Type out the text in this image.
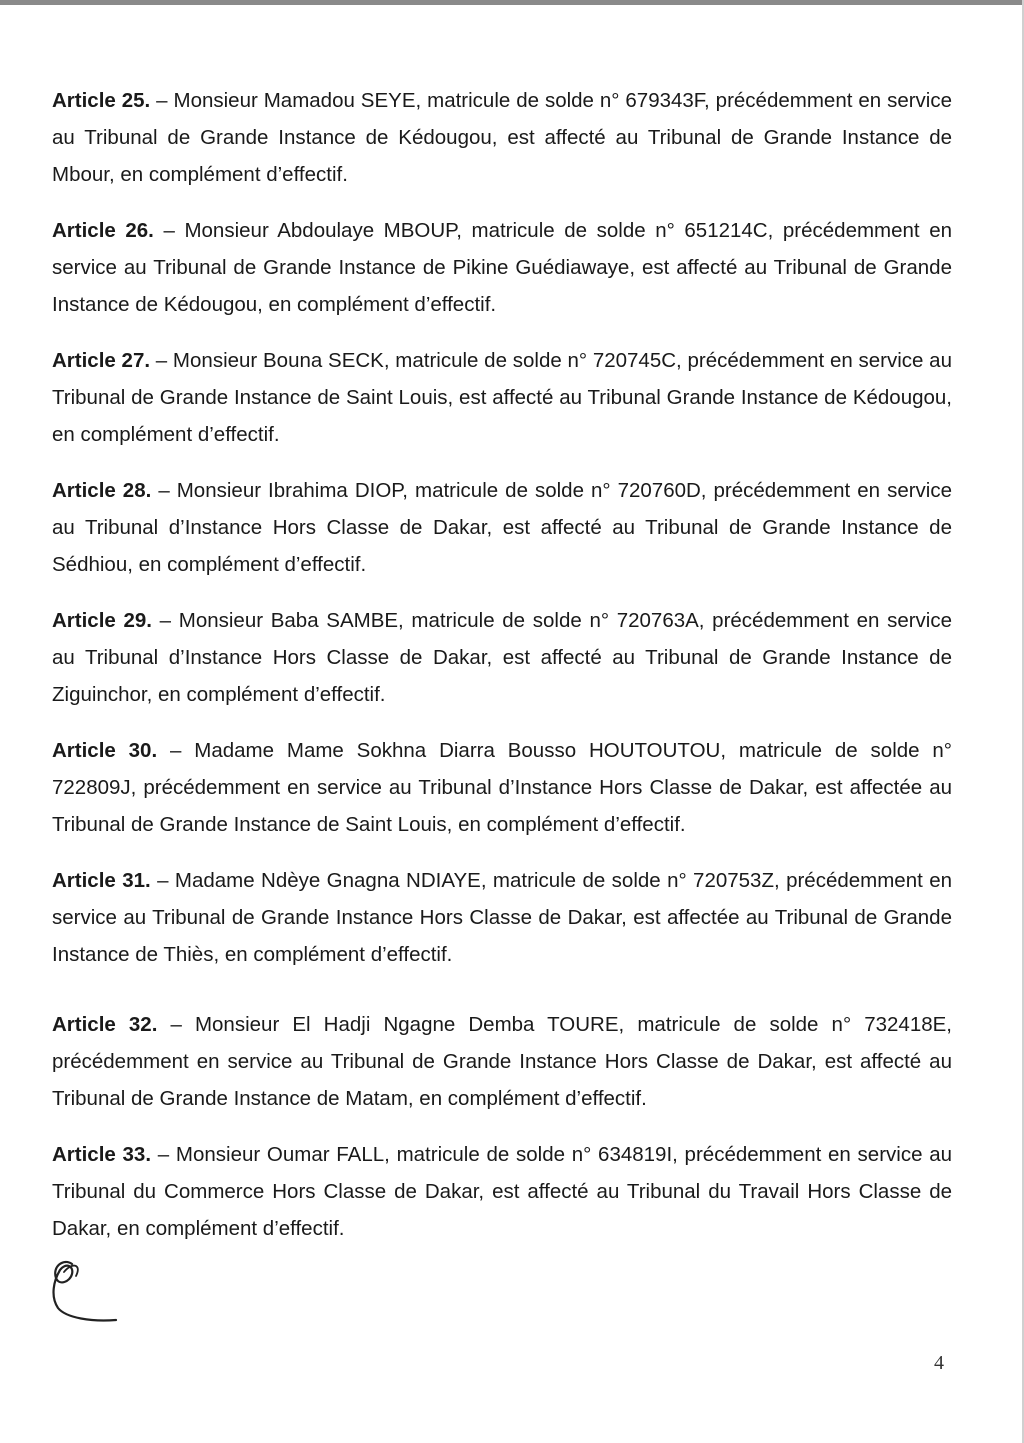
Article 25. – Monsieur Mamadou SEYE, matricule de solde n° 679343F, précédemment en service au Tribunal de Grande Instance de Kédougou, est affecté au Tribunal de Grande Instance de Mbour, en complément d’effectif.

Article 26. – Monsieur Abdoulaye MBOUP, matricule de solde n° 651214C, précédemment en service au Tribunal de Grande Instance de Pikine Guédiawaye, est affecté au Tribunal de Grande Instance de Kédougou, en complément d’effectif.

Article 27. – Monsieur Bouna SECK, matricule de solde n° 720745C, précédemment en service au Tribunal de Grande Instance de Saint Louis, est affecté au Tribunal Grande Instance de Kédougou, en complément d’effectif.

Article 28. – Monsieur Ibrahima DIOP, matricule de solde n° 720760D, précédemment en service au Tribunal d’Instance Hors Classe de Dakar, est affecté au Tribunal de Grande Instance de Sédhiou, en complément d’effectif.

Article 29. – Monsieur Baba SAMBE, matricule de solde n° 720763A, précédemment en service au Tribunal d’Instance Hors Classe de Dakar, est affecté au Tribunal de Grande Instance de Ziguinchor, en complément d’effectif.

Article 30. – Madame Mame Sokhna Diarra Bousso HOUTOUTOU, matricule de solde n° 722809J, précédemment en service au Tribunal d’Instance Hors Classe de Dakar, est affectée au Tribunal de Grande Instance de Saint Louis, en complément d’effectif.

Article 31. – Madame Ndèye Gnagna NDIAYE, matricule de solde n° 720753Z, précédemment en service au Tribunal de Grande Instance Hors Classe de Dakar, est affectée au Tribunal de Grande Instance de Thiès, en complément d’effectif.

Article 32. – Monsieur El Hadji Ngagne Demba TOURE, matricule de solde n° 732418E, précédemment en service au Tribunal de Grande Instance Hors Classe de Dakar, est affecté au Tribunal de Grande Instance de Matam, en complément d’effectif.

Article 33. – Monsieur Oumar FALL, matricule de solde n° 634819I, précédemment en service au Tribunal du Commerce Hors Classe de Dakar, est affecté au Tribunal du Travail Hors Classe de Dakar, en complément d’effectif.

4
